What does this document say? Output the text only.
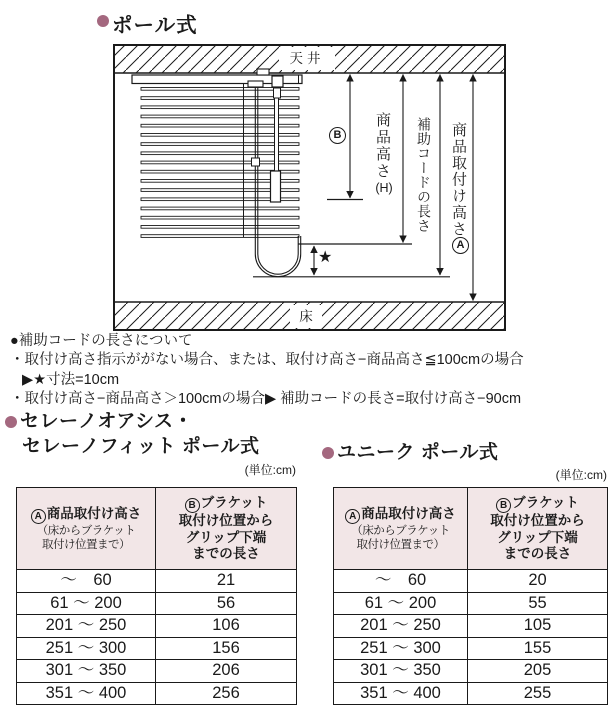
ポール式
天井
床
B	商品高さ
(H)	補助コードの長さ 商品取付け高さ
A
★
●補助コードの長さについて
・取付け高さ指示ががない場合、または、取付け高さ−商品高さ≦100cmの場合
▶★寸法=10cm
・取付け高さ−商品高さ＞100cmの場合▶ 補助コードの長さ=取付け高さ−90cm
セレーノオアシス・
セレーノフィット ポール式
(単位:cm)
A 商品取付け高さ
（床からブラケット
取付け位置まで）

B ブラケット
取付け位置から
グリップ下端
までの長さ

〜　60	21
61 〜 200	56
201 〜 250	106
251 〜 300	156
301 〜 350	206
351 〜 400	256
ユニーク ポール式
(単位:cm)
A 商品取付け高さ
（床からブラケット
取付け位置まで）

B ブラケット
取付け位置から
グリップ下端
までの長さ

〜　60	20
61 〜 200	55
201 〜 250	105
251 〜 300	155
301 〜 350	205
351 〜 400	255
